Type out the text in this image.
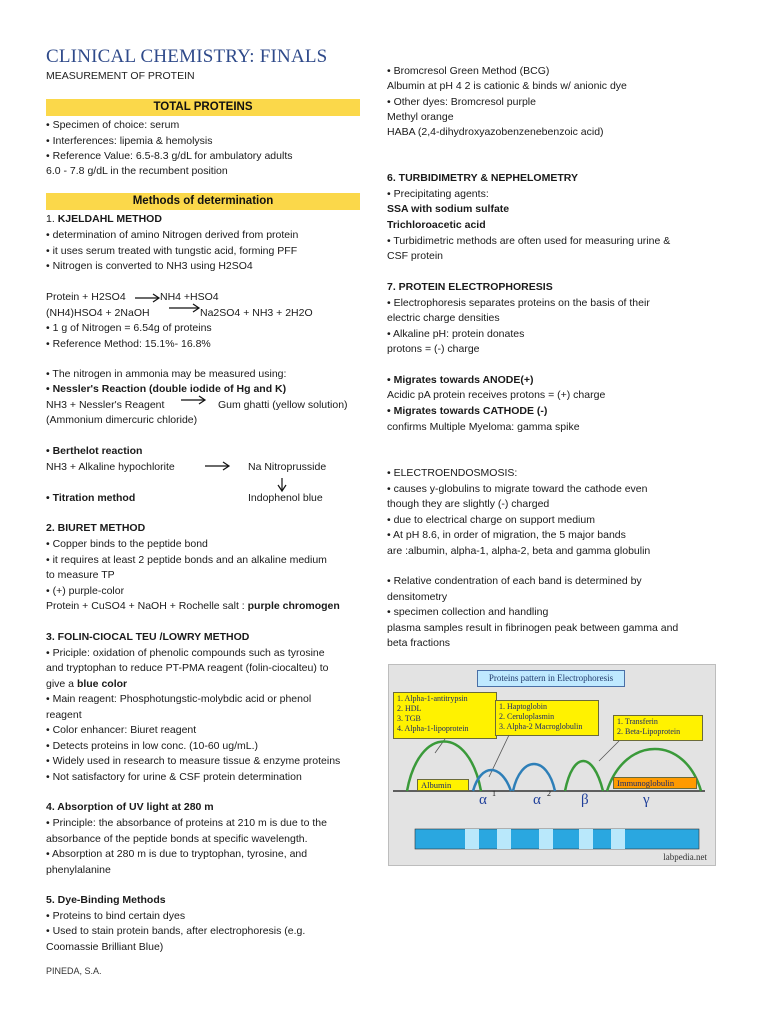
CLINICAL CHEMISTRY: FINALS
MEASUREMENT OF PROTEIN
TOTAL PROTEINS
• Specimen of choice: serum
• Interferences: lipemia & hemolysis
• Reference Value: 6.5-8.3 g/dL for ambulatory adults
6.0 - 7.8 g/dL in the recumbent position
Methods of determination
1. KJELDAHL METHOD
• determination of amino Nitrogen derived from protein
• it uses serum treated with tungstic acid, forming PFF
• Nitrogen is converted to NH3 using H2SO4
Protein + H2SO4	NH4 +HSO4
(NH4)HSO4 + 2NaOH	Na2SO4 + NH3 + 2H2O
• 1 g of Nitrogen = 6.54g of proteins
• Reference Method: 15.1%- 16.8%
• The nitrogen in ammonia may be measured using:
• Nessler's Reaction (double iodide of Hg and K)
NH3 + Nessler's Reagent	Gum ghatti (yellow solution)
(Ammonium dimercuric chloride)
• Berthelot reaction
NH3 + Alkaline hypochlorite	Na Nitroprusside
• Titration method	Indophenol blue
2. BIURET METHOD
• Copper binds to the peptide bond
• it requires at least 2 peptide bonds and an alkaline medium
to measure TP
• (+) purple-color
Protein + CuSO4 + NaOH + Rochelle salt : purple chromogen
3. FOLIN-CIOCAL TEU /LOWRY METHOD
• Priciple: oxidation of phenolic compounds such as tyrosine
and tryptophan to reduce PT-PMA reagent (folin-ciocalteu) to
give a blue color
• Main reagent: Phosphotungstic-molybdic acid or phenol
reagent
• Color enhancer: Biuret reagent
• Detects proteins in low conc. (10-60 ug/mL.)
• Widely used in research to measure tissue & enzyme proteins
• Not satisfactory for urine & CSF protein determination
4. Absorption of UV light at 280 m
• Principle: the absorbance of proteins at 210 m is due to the
absorbance of the peptide bonds at specific wavelength.
• Absorption at 280 m is due to tryptophan, tyrosine, and
phenylalanine
5. Dye-Binding Methods
• Proteins to bind certain dyes
• Used to stain protein bands, after electrophoresis (e.g.
Coomassie Brilliant Blue)
PINEDA, S.A.
• Bromcresol Green Method (BCG)
Albumin at pH 4 2 is cationic & binds w/ anionic dye
• Other dyes: Bromcresol purple
Methyl orange
HABA (2,4-dihydroxyazobenzenebenzoic acid)
6. TURBIDIMETRY & NEPHELOMETRY
• Precipitating agents:
SSA with sodium sulfate
Trichloroacetic acid
• Turbidimetric methods are often used for measuring urine &
CSF protein
7. PROTEIN ELECTROPHORESIS
• Electrophoresis separates proteins on the basis of their
electric charge densities
• Alkaline pH: protein donates
protons = (-) charge
• Migrates towards ANODE(+)
Acidic pA protein receives protons = (+) charge
• Migrates towards CATHODE (-)
confirms Multiple Myeloma: gamma spike
• ELECTROENDOSMOSIS:
• causes y-globulins to migrate toward the cathode even
though they are slightly (-) charged
• due to electrical charge on support medium
• At pH 8.6, in order of migration, the 5 major bands
are :albumin, alpha-1, alpha-2, beta and gamma globulin
• Relative condentration of each band is determined by
densitometry
• specimen collection and handling
plasma samples result in fibrinogen peak between gamma and
beta fractions
Proteins pattern in Electrophoresis
1. Alpha-1-antitrypsin
2. HDL
3. TGB
4. Alpha-1-lipoprotein
1. Haptoglobin
2. Ceruloplasmin
3. Alpha-2 Macroglobulin
1. Transferin
2. Beta-Lipoprotein
Albumin	Immunoglobulin
α 1 α 2 β	γ
labpedia.net
